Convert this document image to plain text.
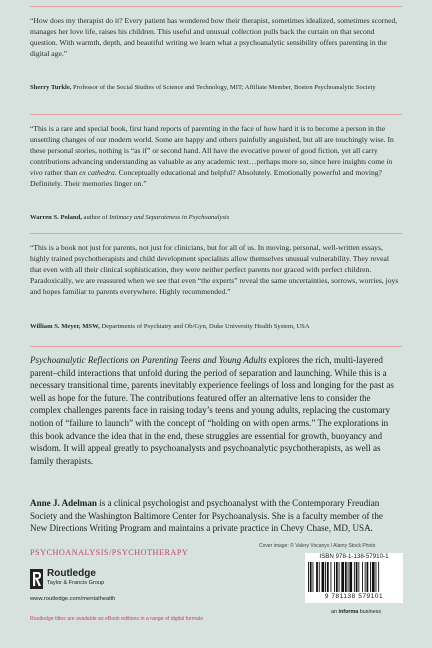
“How does my therapist do it? Every patient has wondered how their therapist, sometimes idealized, sometimes scorned, manages her love life, raises his children. This useful and unusual collection pulls back the curtain on that second question. With warmth, depth, and beautiful writing we learn what a psychoanalytic sensibility offers parenting in the digital age.”

Sherry Turkle, Professor of the Social Studies of Science and Technology, MIT; Affiliate Member, Boston Psychoanalytic Society

“This is a rare and special book, first hand reports of parenting in the face of how hard it is to become a person in the unsettling changes of our modern world. Some are happy and others painfully anguished, but all are touchingly wise. In these personal stories, nothing is “as if” or second hand. All have the evocative power of good fiction, yet all carry contributions advancing understanding as valuable as any academic text…perhaps more so, since here insights come in vivo rather than ex cathedra. Conceptually educational and helpful? Absolutely. Emotionally powerful and moving? Definitely. Their memories linger on.”

Warren S. Poland, author of Intimacy and Separateness in Psychoanalysis

“This is a book not just for parents, not just for clinicians, but for all of us. In moving, personal, well-written essays, highly trained psychotherapists and child development specialists allow themselves unusual vulnerability. They reveal that even with all their clinical sophistication, they were neither perfect parents nor graced with perfect children. Paradoxically, we are reassured when we see that even “the experts” reveal the same uncertainties, sorrows, worries, joys and hopes familiar to parents everywhere. Highly recommended.”

William S. Meyer, MSW, Departments of Psychiatry and Ob/Gyn, Duke University Health System, USA

Psychoanalytic Reflections on Parenting Teens and Young Adults explores the rich, multi-layered parent–child interactions that unfold during the period of separation and launching. While this is a necessary transitional time, parents inevitably experience feelings of loss and longing for the past as well as hope for the future. The contributions featured offer an alternative lens to consider the complex challenges parents face in raising today’s teens and young adults, replacing the customary notion of “failure to launch” with the concept of “holding on with open arms.” The explorations in this book advance the idea that in the end, these struggles are essential for growth, buoyancy and wisdom. It will appeal greatly to psychoanalysts and psychoanalytic psychotherapists, as well as family therapists.

Anne J. Adelman is a clinical psychologist and psychoanalyst with the Contemporary Freudian Society and the Washington Baltimore Center for Psychoanalysis. She is a faculty member of the New Directions Writing Program and maintains a private practice in Chevy Chase, MD, USA.

PSYCHOANALYSIS/PSYCHOTHERAPY
Cover image: © Valery Vocanyv / Alamy Stock Photo
Routledge
Taylor & Francis Group
www.routledge.com/mentalhealth
Routledge titles are available as eBook editions in a range of digital formats
ISBN 978-1-138-57910-1
9 781138 579101
an informa business
